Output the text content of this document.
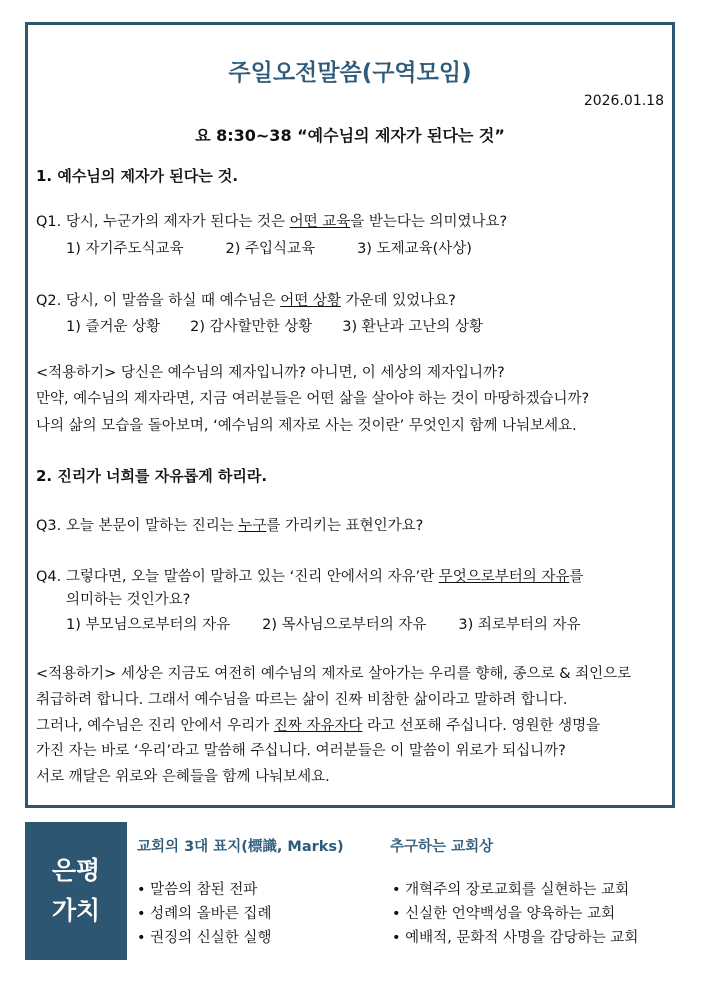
주일오전말씀(구역모임)
2026.01.18
요 8:30~38 “예수님의 제자가 된다는 것”
1. 예수님의 제자가 된다는 것.
Q1. 당시, 누군가의 제자가 된다는 것은 어떤 교육을 받는다는 의미였나요?
1) 자기주도식교육	2) 주입식교육	3) 도제교육(사상)
Q2. 당시, 이 말씀을 하실 때 예수님은 어떤 상황 가운데 있었나요?
1) 즐거운 상황 2) 감사할만한 상황 3) 환난과 고난의 상황
<적용하기> 당신은 예수님의 제자입니까? 아니면, 이 세상의 제자입니까?
만약, 예수님의 제자라면, 지금 여러분들은 어떤 삶을 살아야 하는 것이 마땅하겠습니까?
나의 삶의 모습을 돌아보며, ‘예수님의 제자로 사는 것이란’ 무엇인지 함께 나눠보세요.
2. 진리가 너희를 자유롭게 하리라.
Q3. 오늘 본문이 말하는 진리는 누구를 가리키는 표현인가요?
Q4. 그렇다면, 오늘 말씀이 말하고 있는 ‘진리 안에서의 자유’란 무엇으로부터의 자유를
의미하는 것인가요?
1) 부모님으로부터의 자유 2) 목사님으로부터의 자유 3) 죄로부터의 자유
<적용하기> 세상은 지금도 여전히 예수님의 제자로 살아가는 우리를 향해, 종으로 & 죄인으로
취급하려 합니다. 그래서 예수님을 따르는 삶이 진짜 비참한 삶이라고 말하려 합니다.
그러나, 예수님은 진리 안에서 우리가 진짜 자유자다 라고 선포해 주십니다. 영원한 생명을
가진 자는 바로 ‘우리’라고 말씀해 주십니다. 여러분들은 이 말씀이 위로가 되십니까?
서로 깨달은 위로와 은혜들을 함께 나눠보세요.
은평
가치
교회의 3대 표지(標識, Marks)
• 말씀의 참된 전파
• 성례의 올바른 집례
• 권징의 신실한 실행
추구하는 교회상
• 개혁주의 장로교회를 실현하는 교회
• 신실한 언약백성을 양육하는 교회
• 예배적, 문화적 사명을 감당하는 교회
